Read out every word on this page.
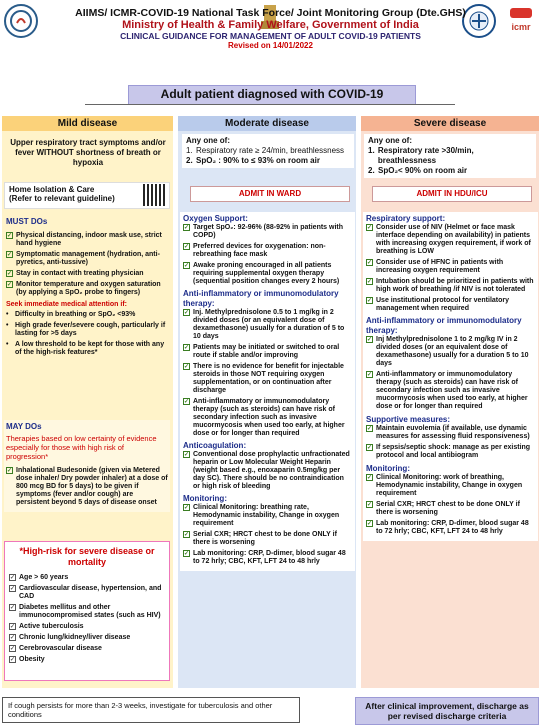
icmr
AIIMS/ ICMR-COVID-19 National Task Force/ Joint Monitoring Group (Dte.GHS)
Ministry of Health & Family Welfare, Government of India
CLINICAL GUIDANCE FOR MANAGEMENT OF ADULT COVID-19 PATIENTS
Revised on 14/01/2022
Adult patient diagnosed with COVID-19
Mild disease	Moderate disease	Severe disease
Upper respiratory tract symptoms and/or fever WITHOUT shortness of breath or hypoxia
Home Isolation & Care
(Refer to relevant guideline)
MUST DOs
✓ Physical distancing, indoor mask use, strict hand hygiene
✓ Symptomatic management (hydration, anti-pyretics, anti-tussive)
✓ Stay in contact with treating physician
✓ Monitor temperature and oxygen saturation (by applying a SpO₂ probe to fingers)
Seek immediate medical attention if:
• Difficulty in breathing or SpO₂ <93%
• High grade fever/severe cough, particularly if lasting for >5 days
• A low threshold to be kept for those with any of the high-risk features*
MAY DOs
Therapies based on low certainty of evidence especially for those with high risk of progression*
✓ Inhalational Budesonide (given via Metered dose inhaler/ Dry powder inhaler) at a dose of 800 mcg BD for 5 days) to be given if symptoms (fever and/or cough) are persistent beyond 5 days of disease onset
*High-risk for severe disease or mortality
✓ Age > 60 years
✓ Cardiovascular disease, hypertension, and CAD
✓ Diabetes mellitus and other immunocompromised states (such as HIV)
✓ Active tuberculosis
✓ Chronic lung/kidney/liver disease
✓ Cerebrovascular disease
✓ Obesity
Any one of:
1. Respiratory rate ≥ 24/min, breathlessness
2. SpO₂ : 90% to ≤ 93% on room air
ADMIT IN WARD
Oxygen Support:
✓ Target SpO₂: 92-96% (88-92% in patients with COPD)
✓ Preferred devices for oxygenation: non-rebreathing face mask
✓ Awake proning encouraged in all patients requiring supplemental oxygen therapy (sequential position changes every 2 hours)
Anti-inflammatory or immunomodulatory therapy:
✓ Inj. Methylprednisolone 0.5 to 1 mg/kg in 2 divided doses (or an equivalent dose of dexamethasone) usually for a duration of 5 to 10 days
✓ Patients may be initiated or switched to oral route if stable and/or improving
✓ There is no evidence for benefit for injectable steroids in those NOT requiring oxygen supplementation, or on continuation after discharge
✓ Anti-inflammatory or immunomodulatory therapy (such as steroids) can have risk of secondary infection such as invasive mucormycosis when used too early, at higher dose or for longer than required
Anticoagulation:
✓ Conventional dose prophylactic unfractionated heparin or Low Molecular Weight Heparin (weight based e.g., enoxaparin 0.5mg/kg per day SC). There should be no contraindication or high risk of bleeding
Monitoring:
✓ Clinical Monitoring: breathing rate, Hemodynamic instability, Change in oxygen requirement
✓ Serial CXR; HRCT chest to be done ONLY if there is worsening
✓ Lab monitoring: CRP, D-dimer, blood sugar 48 to 72 hrly; CBC, KFT, LFT 24 to 48 hrly
Any one of:
1. Respiratory rate >30/min, breathlessness
2. SpO₂< 90% on room air
ADMIT IN HDU/ICU
Respiratory support:
✓ Consider use of NIV (Helmet or face mask interface depending on availability) in patients with increasing oxygen requirement, if work of breathing is LOW
✓ Consider use of HFNC in patients with increasing oxygen requirement
✓ Intubation should be prioritized in patients with high work of breathing /if NIV is not tolerated
✓ Use institutional protocol for ventilatory management when required
Anti-inflammatory or immunomodulatory therapy:
✓ Inj Methylprednisolone 1 to 2 mg/kg IV in 2 divided doses (or an equivalent dose of dexamethasone) usually for a duration 5 to 10 days
✓ Anti-inflammatory or immunomodulatory therapy (such as steroids) can have risk of secondary infection such as invasive mucormycosis when used too early, at higher dose or for longer than required
Supportive measures:
✓ Maintain euvolemia (if available, use dynamic measures for assessing fluid responsiveness)
✓ If sepsis/septic shock: manage as per existing protocol and local antibiogram
Monitoring:
✓ Clinical Monitoring: work of breathing, Hemodynamic instability, Change in oxygen requirement
✓ Serial CXR; HRCT chest to be done ONLY if there is worsening
✓ Lab monitoring: CRP, D-dimer, blood sugar 48 to 72 hrly; CBC, KFT, LFT 24 to 48 hrly
If cough persists for more than 2-3 weeks, investigate for tuberculosis and other conditions
After clinical improvement, discharge as per revised discharge criteria
